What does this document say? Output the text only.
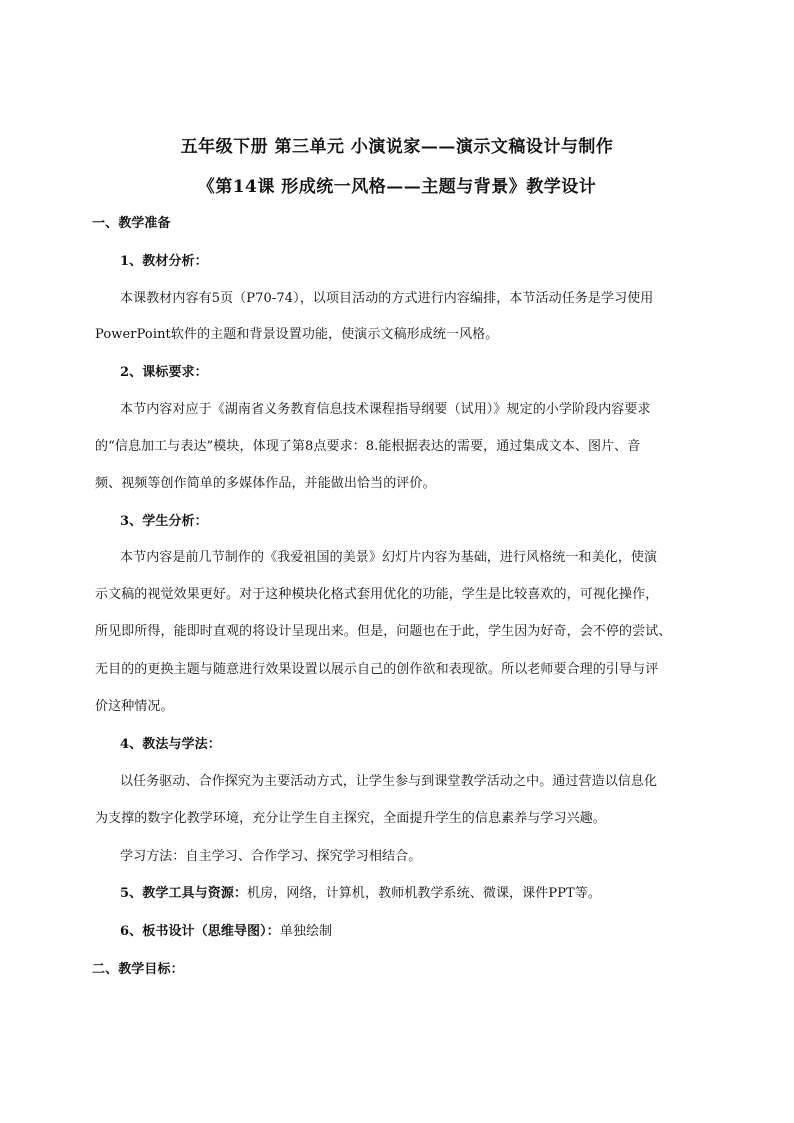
五年级下册 第三单元 小演说家——演示文稿设计与制作
《第14课 形成统一风格——主题与背景》教学设计
一、教学准备
1、教材分析：
本课教材内容有5页（P70-74），以项目活动的方式进行内容编排，本节活动任务是学习使用
PowerPoint软件的主题和背景设置功能，使演示文稿形成统一风格。
2、课标要求：
本节内容对应于《湖南省义务教育信息技术课程指导纲要（试用）》规定的小学阶段内容要求
的“信息加工与表达”模块，体现了第8点要求：8.能根据表达的需要，通过集成文本、图片、音
频、视频等创作简单的多媒体作品，并能做出恰当的评价。
3、学生分析：
本节内容是前几节制作的《我爱祖国的美景》幻灯片内容为基础，进行风格统一和美化，使演
示文稿的视觉效果更好。对于这种模块化格式套用优化的功能，学生是比较喜欢的，可视化操作，
所见即所得，能即时直观的将设计呈现出来。但是，问题也在于此，学生因为好奇，会不停的尝试、
无目的的更换主题与随意进行效果设置以展示自己的创作欲和表现欲。所以老师要合理的引导与评
价这种情况。
4、教法与学法：
以任务驱动、合作探究为主要活动方式，让学生参与到课堂教学活动之中。通过营造以信息化
为支撑的数字化教学环境，充分让学生自主探究，全面提升学生的信息素养与学习兴趣。
学习方法：自主学习、合作学习、探究学习相结合。
5、教学工具与资源：机房，网络，计算机，教师机教学系统、微课，课件PPT等。
6、板书设计（思维导图）：单独绘制
二、教学目标：
